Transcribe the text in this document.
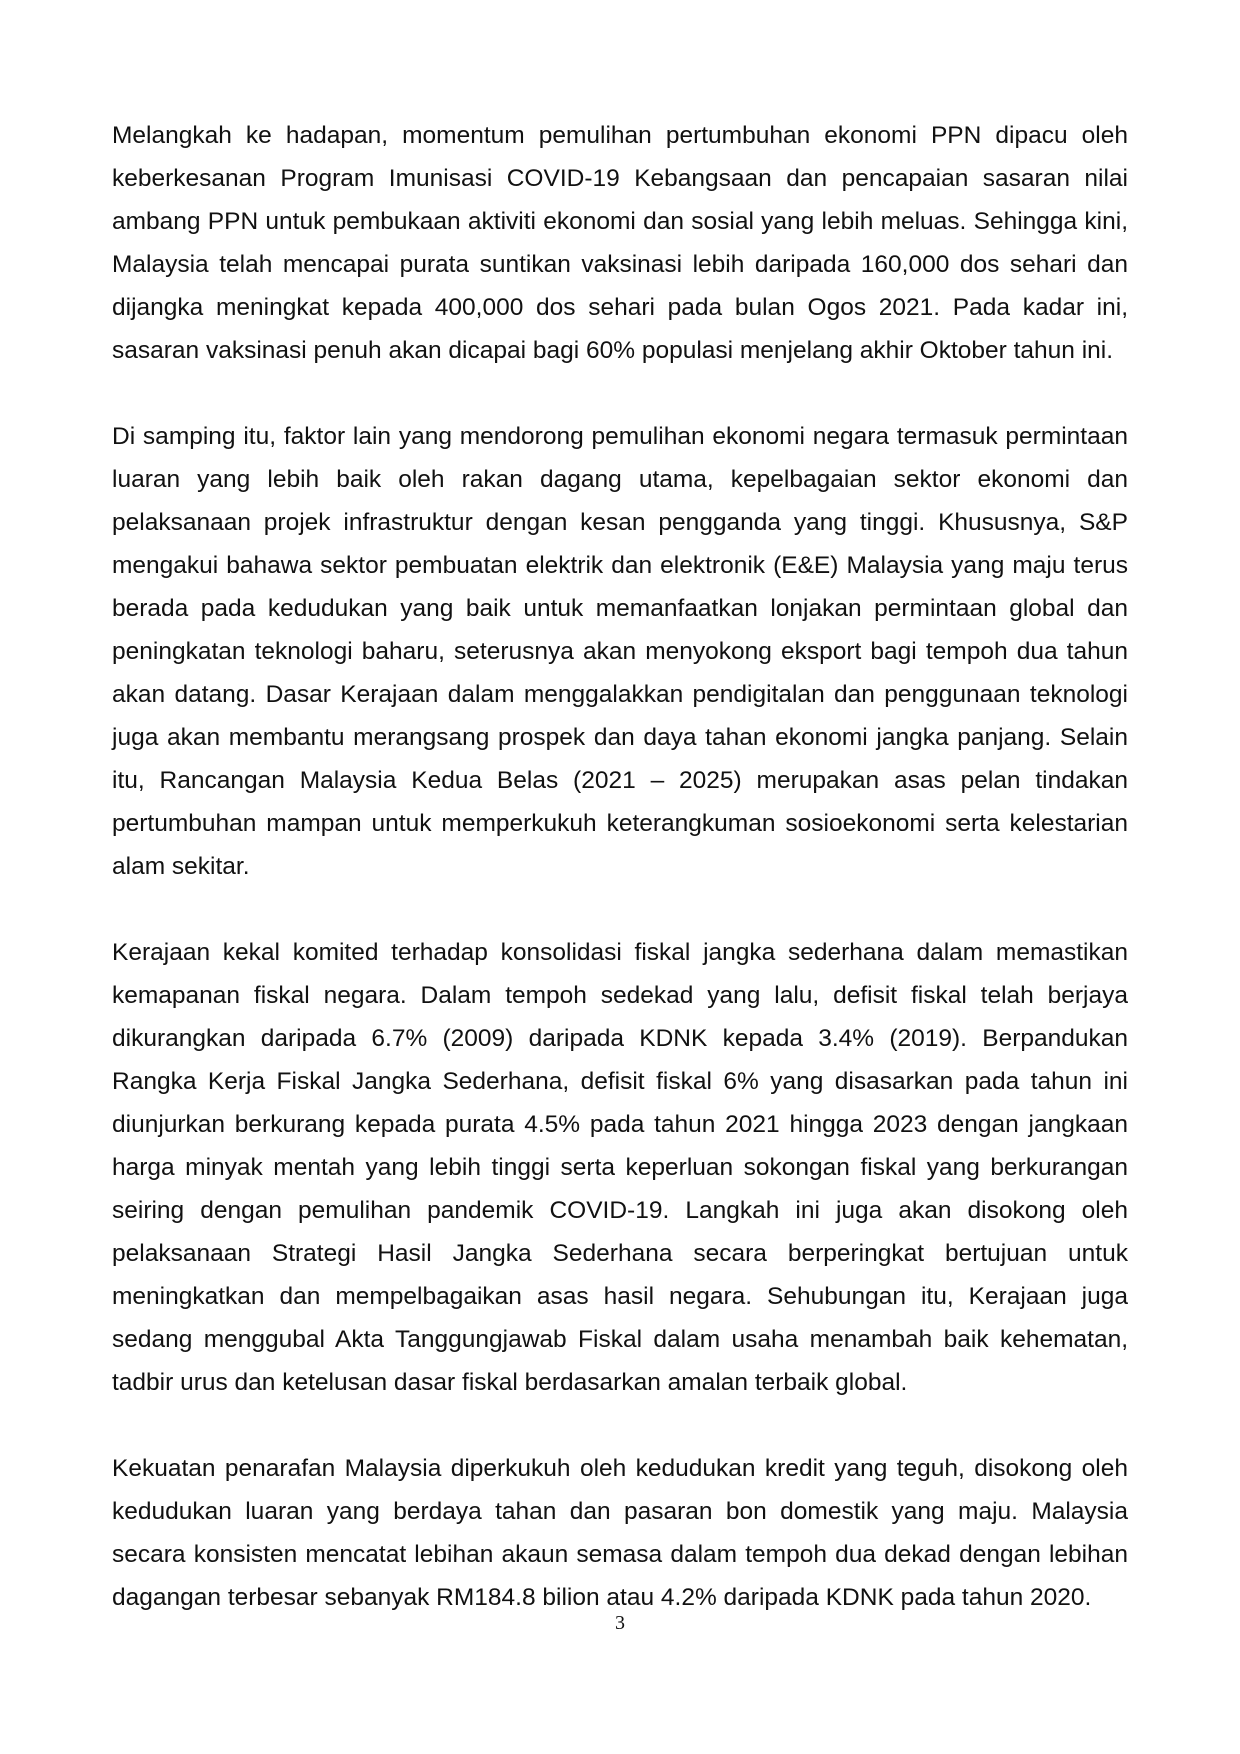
Melangkah ke hadapan, momentum pemulihan pertumbuhan ekonomi PPN dipacu oleh keberkesanan Program Imunisasi COVID-19 Kebangsaan dan pencapaian sasaran nilai ambang PPN untuk pembukaan aktiviti ekonomi dan sosial yang lebih meluas. Sehingga kini, Malaysia telah mencapai purata suntikan vaksinasi lebih daripada 160,000 dos sehari dan dijangka meningkat kepada 400,000 dos sehari pada bulan Ogos 2021. Pada kadar ini, sasaran vaksinasi penuh akan dicapai bagi 60% populasi menjelang akhir Oktober tahun ini.

Di samping itu, faktor lain yang mendorong pemulihan ekonomi negara termasuk permintaan luaran yang lebih baik oleh rakan dagang utama, kepelbagaian sektor ekonomi dan pelaksanaan projek infrastruktur dengan kesan pengganda yang tinggi. Khususnya, S&P mengakui bahawa sektor pembuatan elektrik dan elektronik (E&E) Malaysia yang maju terus berada pada kedudukan yang baik untuk memanfaatkan lonjakan permintaan global dan peningkatan teknologi baharu, seterusnya akan menyokong eksport bagi tempoh dua tahun akan datang. Dasar Kerajaan dalam menggalakkan pendigitalan dan penggunaan teknologi juga akan membantu merangsang prospek dan daya tahan ekonomi jangka panjang. Selain itu, Rancangan Malaysia Kedua Belas (2021 – 2025) merupakan asas pelan tindakan pertumbuhan mampan untuk memperkukuh keterangkuman sosioekonomi serta kelestarian alam sekitar.

Kerajaan kekal komited terhadap konsolidasi fiskal jangka sederhana dalam memastikan kemapanan fiskal negara. Dalam tempoh sedekad yang lalu, defisit fiskal telah berjaya dikurangkan daripada 6.7% (2009) daripada KDNK kepada 3.4% (2019). Berpandukan Rangka Kerja Fiskal Jangka Sederhana, defisit fiskal 6% yang disasarkan pada tahun ini diunjurkan berkurang kepada purata 4.5% pada tahun 2021 hingga 2023 dengan jangkaan harga minyak mentah yang lebih tinggi serta keperluan sokongan fiskal yang berkurangan seiring dengan pemulihan pandemik COVID-19. Langkah ini juga akan disokong oleh pelaksanaan Strategi Hasil Jangka Sederhana secara berperingkat bertujuan untuk meningkatkan dan mempelbagaikan asas hasil negara. Sehubungan itu, Kerajaan juga sedang menggubal Akta Tanggungjawab Fiskal dalam usaha menambah baik kehematan, tadbir urus dan ketelusan dasar fiskal berdasarkan amalan terbaik global.

Kekuatan penarafan Malaysia diperkukuh oleh kedudukan kredit yang teguh, disokong oleh kedudukan luaran yang berdaya tahan dan pasaran bon domestik yang maju. Malaysia secara konsisten mencatat lebihan akaun semasa dalam tempoh dua dekad dengan lebihan dagangan terbesar sebanyak RM184.8 bilion atau 4.2% daripada KDNK pada tahun 2020.

3
